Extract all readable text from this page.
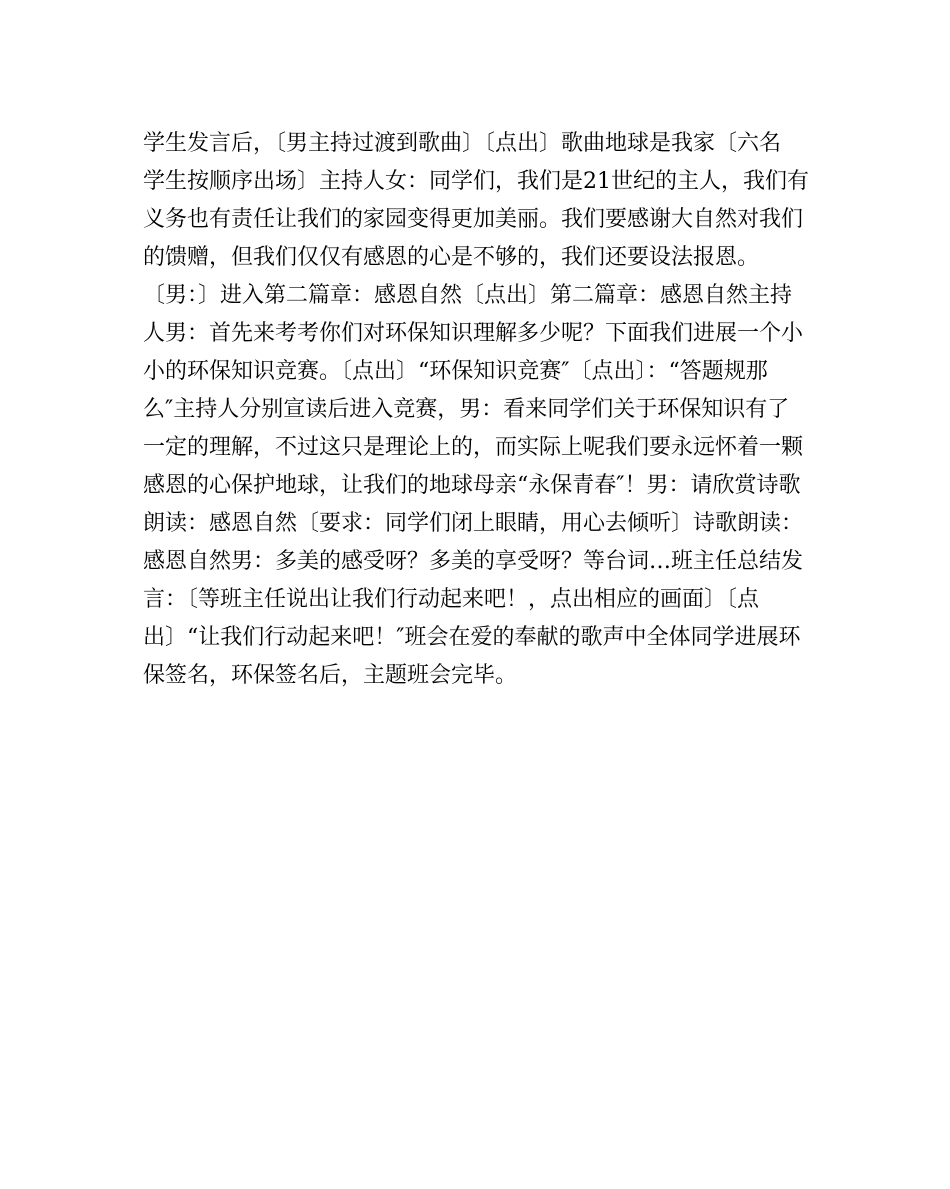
学生发言后，〔男主持过渡到歌曲〕〔点出〕歌曲地球是我家〔六名
学生按顺序出场〕主持人女：同学们，我们是21世纪的主人，我们有
义务也有责任让我们的家园变得更加美丽。我们要感谢大自然对我们
的馈赠，但我们仅仅有感恩的心是不够的，我们还要设法报恩。
〔男：〕进入第二篇章：感恩自然〔点出〕第二篇章：感恩自然主持
人男：首先来考考你们对环保知识理解多少呢？下面我们进展一个小
小的环保知识竞赛。〔点出〕“环保知识竞赛″〔点出〕：“答题规那
么″主持人分别宣读后进入竞赛，男：看来同学们关于环保知识有了
一定的理解，不过这只是理论上的，而实际上呢我们要永远怀着一颗
感恩的心保护地球，让我们的地球母亲“永保青春″！男：请欣赏诗歌
朗读：感恩自然〔要求：同学们闭上眼睛，用心去倾听〕诗歌朗读：
感恩自然男：多美的感受呀？多美的享受呀？等台词…班主任总结发
言：〔等班主任说出让我们行动起来吧！，点出相应的画面〕〔点
出〕“让我们行动起来吧！″班会在爱的奉献的歌声中全体同学进展环
保签名，环保签名后，主题班会完毕。
